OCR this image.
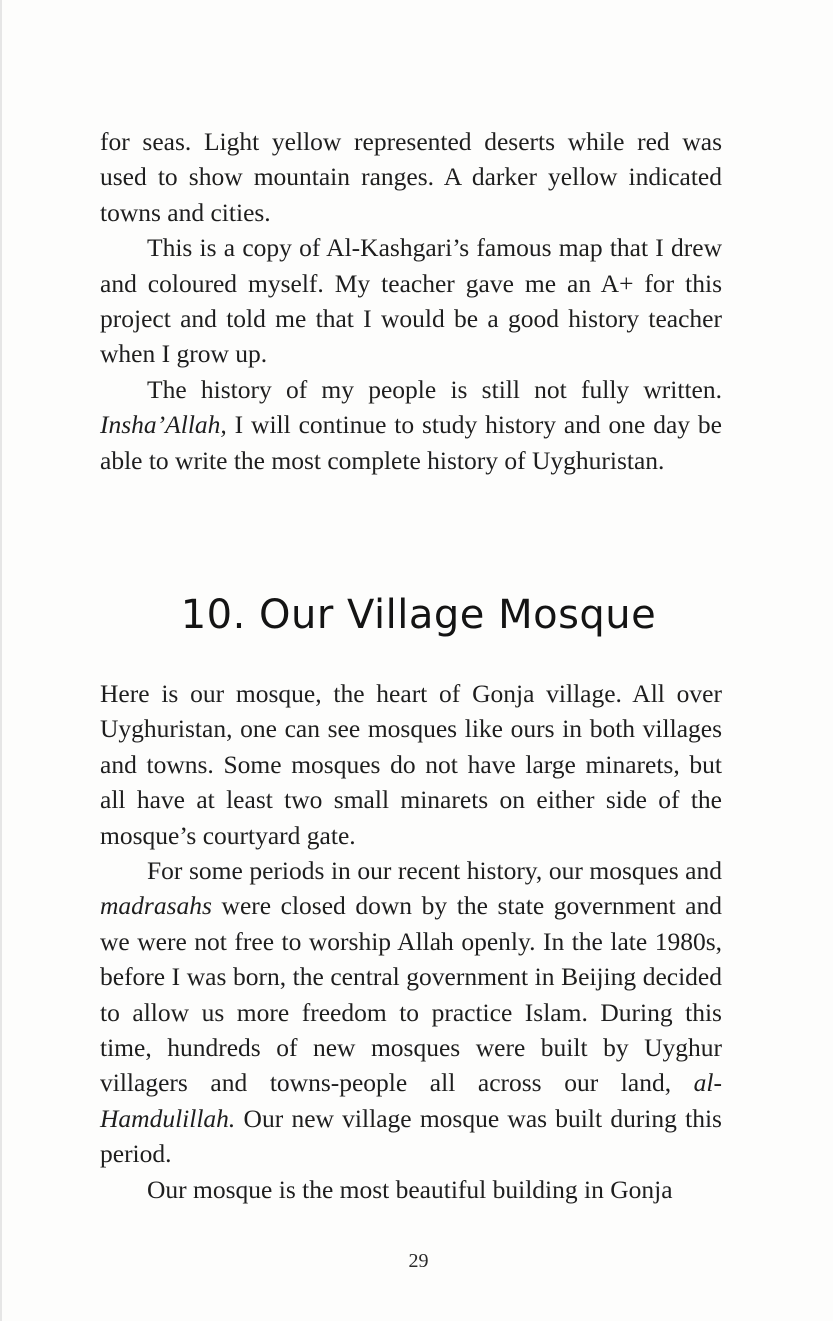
for seas. Light yellow represented deserts while red was used to show mountain ranges. A darker yellow indicated towns and cities.

This is a copy of Al-Kashgari’s famous map that I drew and coloured myself. My teacher gave me an A+ for this project and told me that I would be a good history teacher when I grow up.

The history of my people is still not fully written. Insha’Allah, I will continue to study history and one day be able to write the most complete history of Uyghuristan.

10. Our Village Mosque

Here is our mosque, the heart of Gonja village. All over Uyghuristan, one can see mosques like ours in both villages and towns. Some mosques do not have large minarets, but all have at least two small minarets on either side of the mosque’s courtyard gate.

For some periods in our recent history, our mosques and madrasahs were closed down by the state government and we were not free to worship Allah openly. In the late 1980s, before I was born, the central government in Beijing decided to allow us more freedom to practice Islam. During this time, hundreds of new mosques were built by Uyghur villagers and towns-people all across our land, al-Hamdulillah. Our new village mosque was built during this period.

Our mosque is the most beautiful building in Gonja

29
